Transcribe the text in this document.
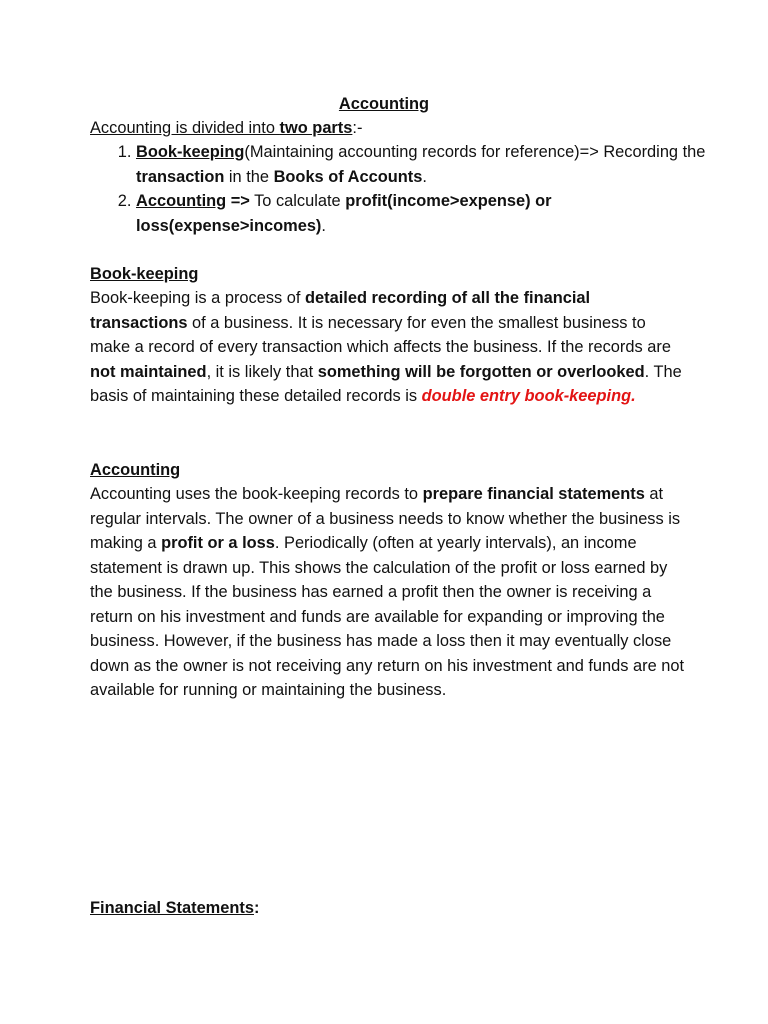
Accounting
Accounting is divided into two parts:-
1. Book-keeping(Maintaining accounting records for reference)=> Recording the transaction in the Books of Accounts.
2. Accounting => To calculate profit(income>expense) or loss(expense>incomes).
Book-keeping
Book-keeping is a process of detailed recording of all the financial transactions of a business. It is necessary for even the smallest business to make a record of every transaction which affects the business. If the records are not maintained, it is likely that something will be forgotten or overlooked. The basis of maintaining these detailed records is double entry book-keeping.
Accounting
Accounting uses the book-keeping records to prepare financial statements at regular intervals. The owner of a business needs to know whether the business is making a profit or a loss. Periodically (often at yearly intervals), an income statement is drawn up. This shows the calculation of the profit or loss earned by the business. If the business has earned a profit then the owner is receiving a return on his investment and funds are available for expanding or improving the business. However, if the business has made a loss then it may eventually close down as the owner is not receiving any return on his investment and funds are not available for running or maintaining the business.
Financial Statements:
